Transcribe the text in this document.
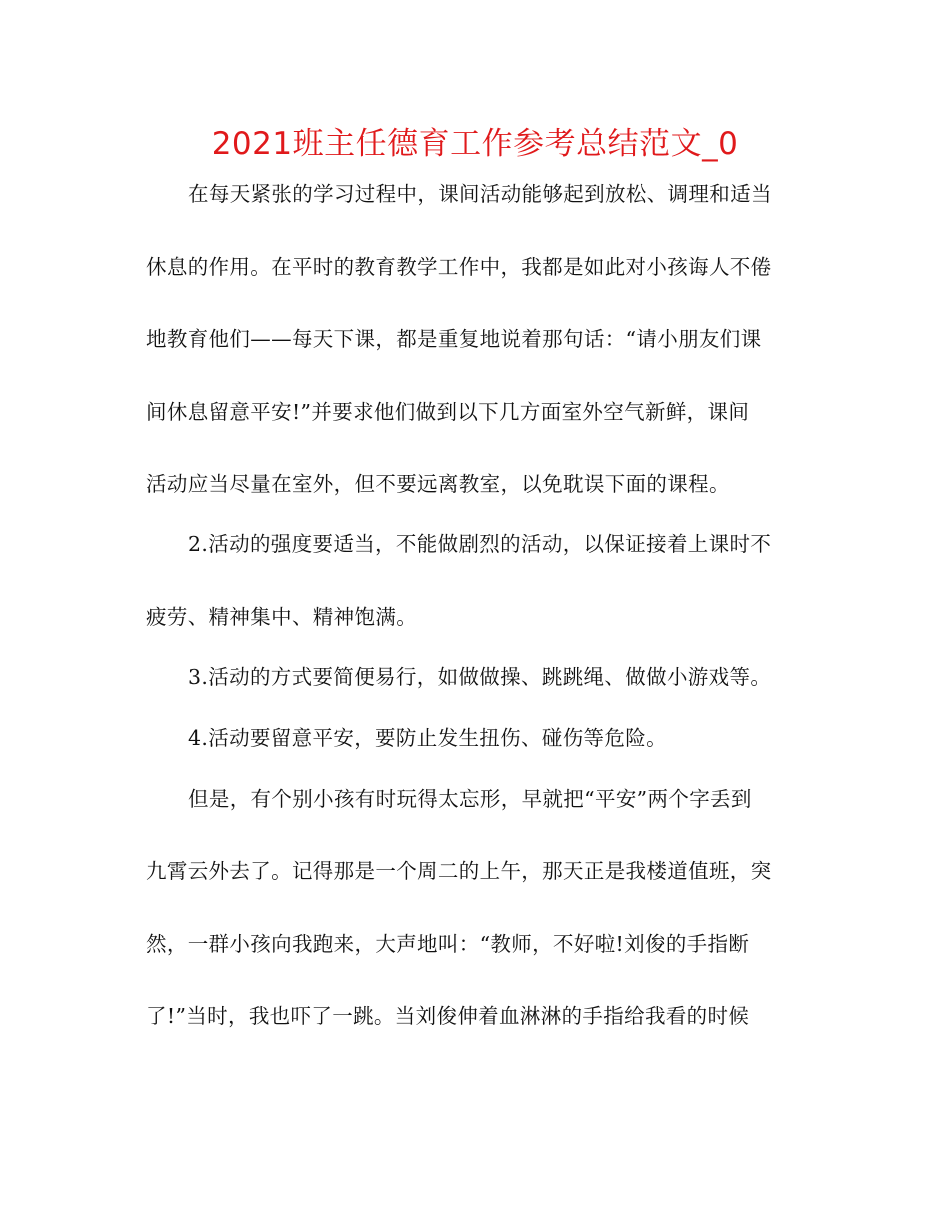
2021班主任德育工作参考总结范文_0
在每天紧张的学习过程中，课间活动能够起到放松、调理和适当
休息的作用。在平时的教育教学工作中，我都是如此对小孩诲人不倦
地教育他们——每天下课，都是重复地说着那句话：“请小朋友们课
间休息留意平安!”并要求他们做到以下几方面室外空气新鲜，课间
活动应当尽量在室外，但不要远离教室，以免耽误下面的课程。
2.活动的强度要适当，不能做剧烈的活动，以保证接着上课时不
疲劳、精神集中、精神饱满。
3.活动的方式要简便易行，如做做操、跳跳绳、做做小游戏等。
4.活动要留意平安，要防止发生扭伤、碰伤等危险。
但是，有个别小孩有时玩得太忘形，早就把“平安”两个字丢到
九霄云外去了。记得那是一个周二的上午，那天正是我楼道值班，突
然，一群小孩向我跑来，大声地叫：“教师，不好啦!刘俊的手指断
了!”当时，我也吓了一跳。当刘俊伸着血淋淋的手指给我看的时候
